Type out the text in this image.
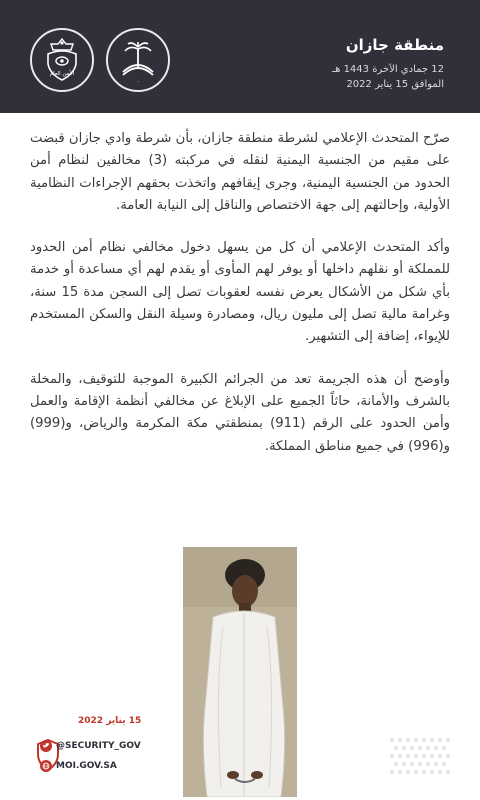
الأمن العام
.
منطقة جازان
12 جمادي الآخرة 1443 هـ
الموافق 15 يناير 2022

صرّح المتحدث الإعلامي لشرطة منطقة جازان، بأن شرطة وادي جازان قبضت على مقيم من الجنسية اليمنية لنقله في مركبته (3) مخالفين لنظام أمن الحدود من الجنسية اليمنية، وجرى إيقافهم واتخذت بحقهم الإجراءات النظامية الأولية، وإحالتهم إلى جهة الاختصاص والناقل إلى النيابة العامة.

وأكد المتحدث الإعلامي أن كل من يسهل دخول مخالفي نظام أمن الحدود للمملكة أو نقلهم داخلها أو يوفر لهم المأوى أو يقدم لهم أي مساعدة أو خدمة بأي شكل من الأشكال يعرض نفسه لعقوبات تصل إلى السجن مدة 15 سنة، وغرامة مالية تصل إلى مليون ريال، ومصادرة وسيلة النقل والسكن المستخدم للإيواء، إضافة إلى التشهير.

وأوضح أن هذه الجريمة تعد من الجرائم الكبيرة الموجبة للتوقيف، والمخلة بالشرف والأمانة، حاثاً الجميع على الإبلاغ عن مخالفي أنظمة الإقامة والعمل وأمن الحدود على الرقم (911) بمنطقتي مكة المكرمة والرياض، و(999) و(996) في جميع مناطق المملكة.

15 يناير 2022
@SECURITY_GOV
MOI.GOV.SA
